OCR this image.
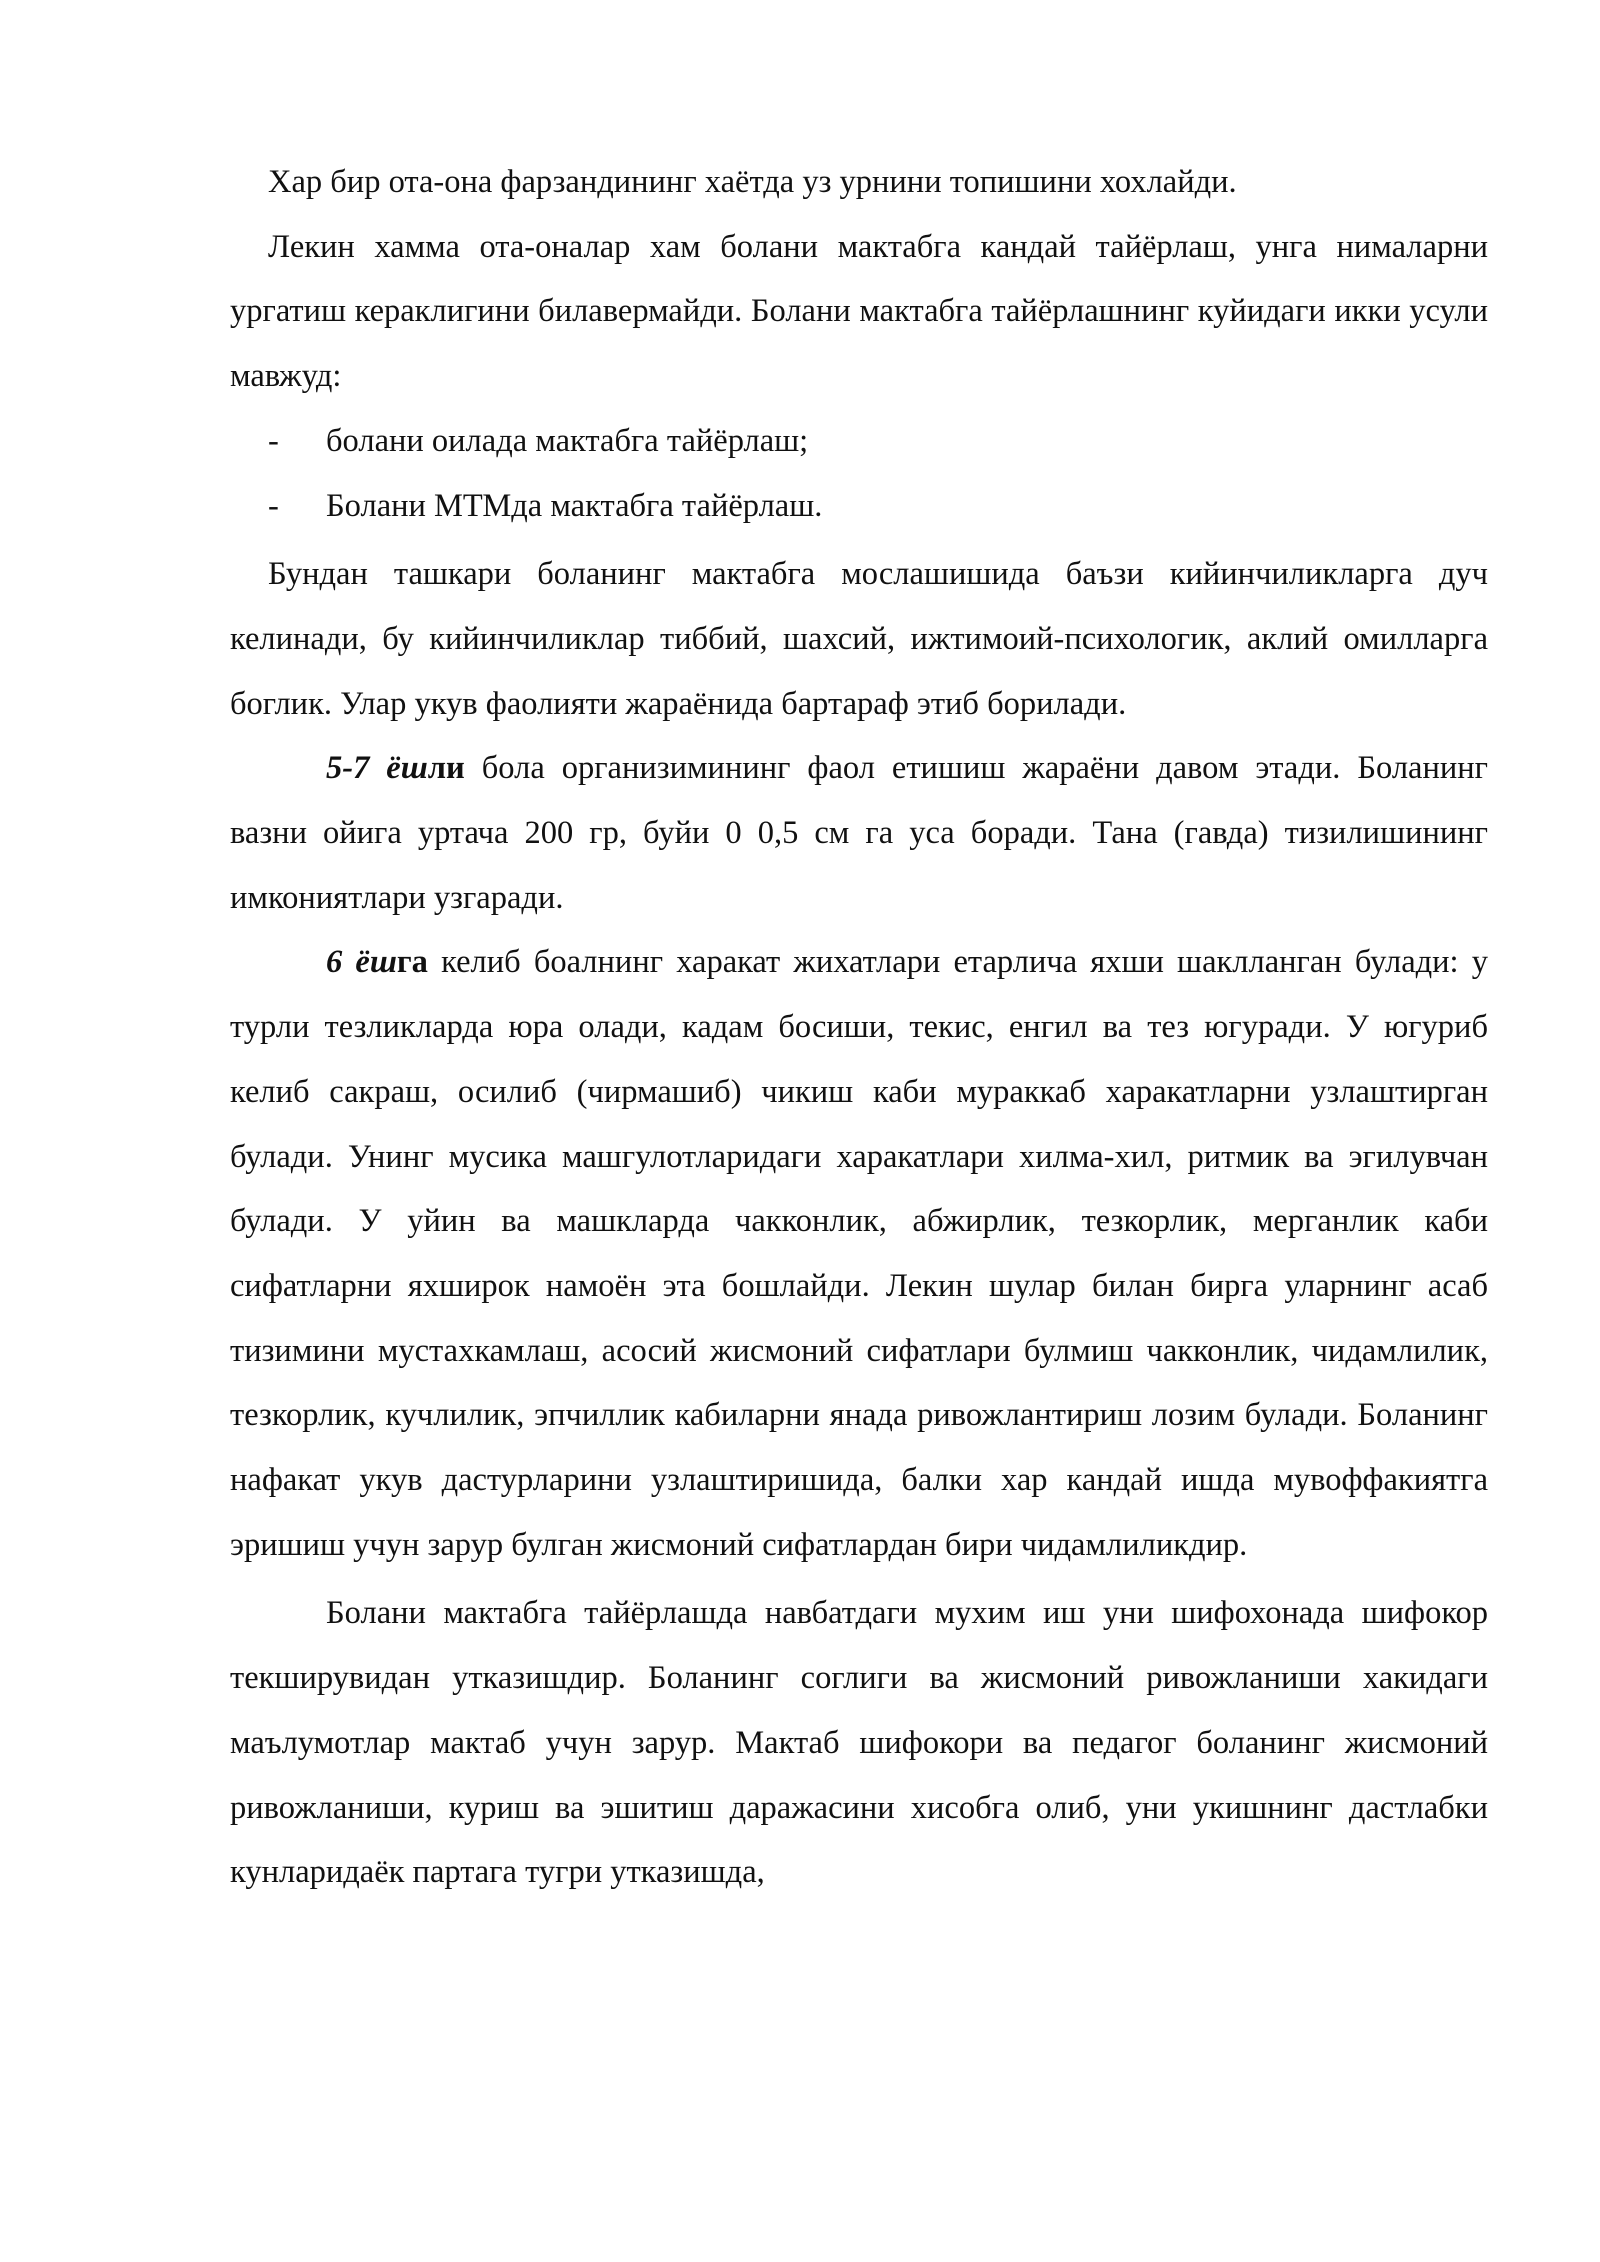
Хар бир ота-она фарзандининг хаётда уз урнини топишини хохлайди.

Лекин хамма ота-оналар хам болани мактабга кандай тайёрлаш, унга нималарни ургатиш кераклигини билавермайди. Болани мактабга тайёрлашнинг куйидаги икки усули мавжуд:

-	болани оилада мактабга тайёрлаш;
-	Болани МТМда мактабга тайёрлаш.

Бундан ташкари боланинг мактабга мослашишида баъзи кийинчиликларга дуч келинади, бу кийинчиликлар тиббий, шахсий, ижтимоий-психологик, аклий омилларга боглик. Улар укув фаолияти жараёнида бартараф этиб борилади.

5-7 ёшли бола организимининг фаол етишиш жараёни давом этади. Боланинг вазни ойига уртача 200 гр, буйи 0 0,5 см га уса боради. Тана (гавда) тизилишининг имкониятлари узгаради.

6 ёшга келиб боалнинг харакат жихатлари етарлича яхши шаклланган булади: у турли тезликларда юра олади, кадам босиши, текис, енгил ва тез югуради. У югуриб келиб сакраш, осилиб (чирмашиб) чикиш каби мураккаб харакатларни узлаштирган булади. Унинг мусика машгулотларидаги харакатлари хилма-хил, ритмик ва эгилувчан булади. У уйин ва машкларда чакконлик, абжирлик, тезкорлик, мерганлик каби сифатларни яхширок намоён эта бошлайди. Лекин шулар билан бирга уларнинг асаб тизимини мустахкамлаш, асосий жисмоний сифатлари булмиш чакконлик, чидамлилик, тезкорлик, кучлилик, эпчиллик кабиларни янада ривожлантириш лозим булади. Боланинг нафакат укув дастурларини узлаштиришида, балки хар кандай ишда мувоффакиятга эришиш учун зарур булган жисмоний сифатлардан бири чидамлиликдир.

Болани мактабга тайёрлашда навбатдаги мухим иш уни шифохонада шифокор текширувидан утказишдир. Боланинг соглиги ва жисмоний ривожланиши хакидаги маълумотлар мактаб учун зарур. Мактаб шифокори ва педагог боланинг жисмоний ривожланиши, куриш ва эшитиш даражасини хисобга олиб, уни укишнинг дастлабки кунларидаёк партага тугри утказишда,
